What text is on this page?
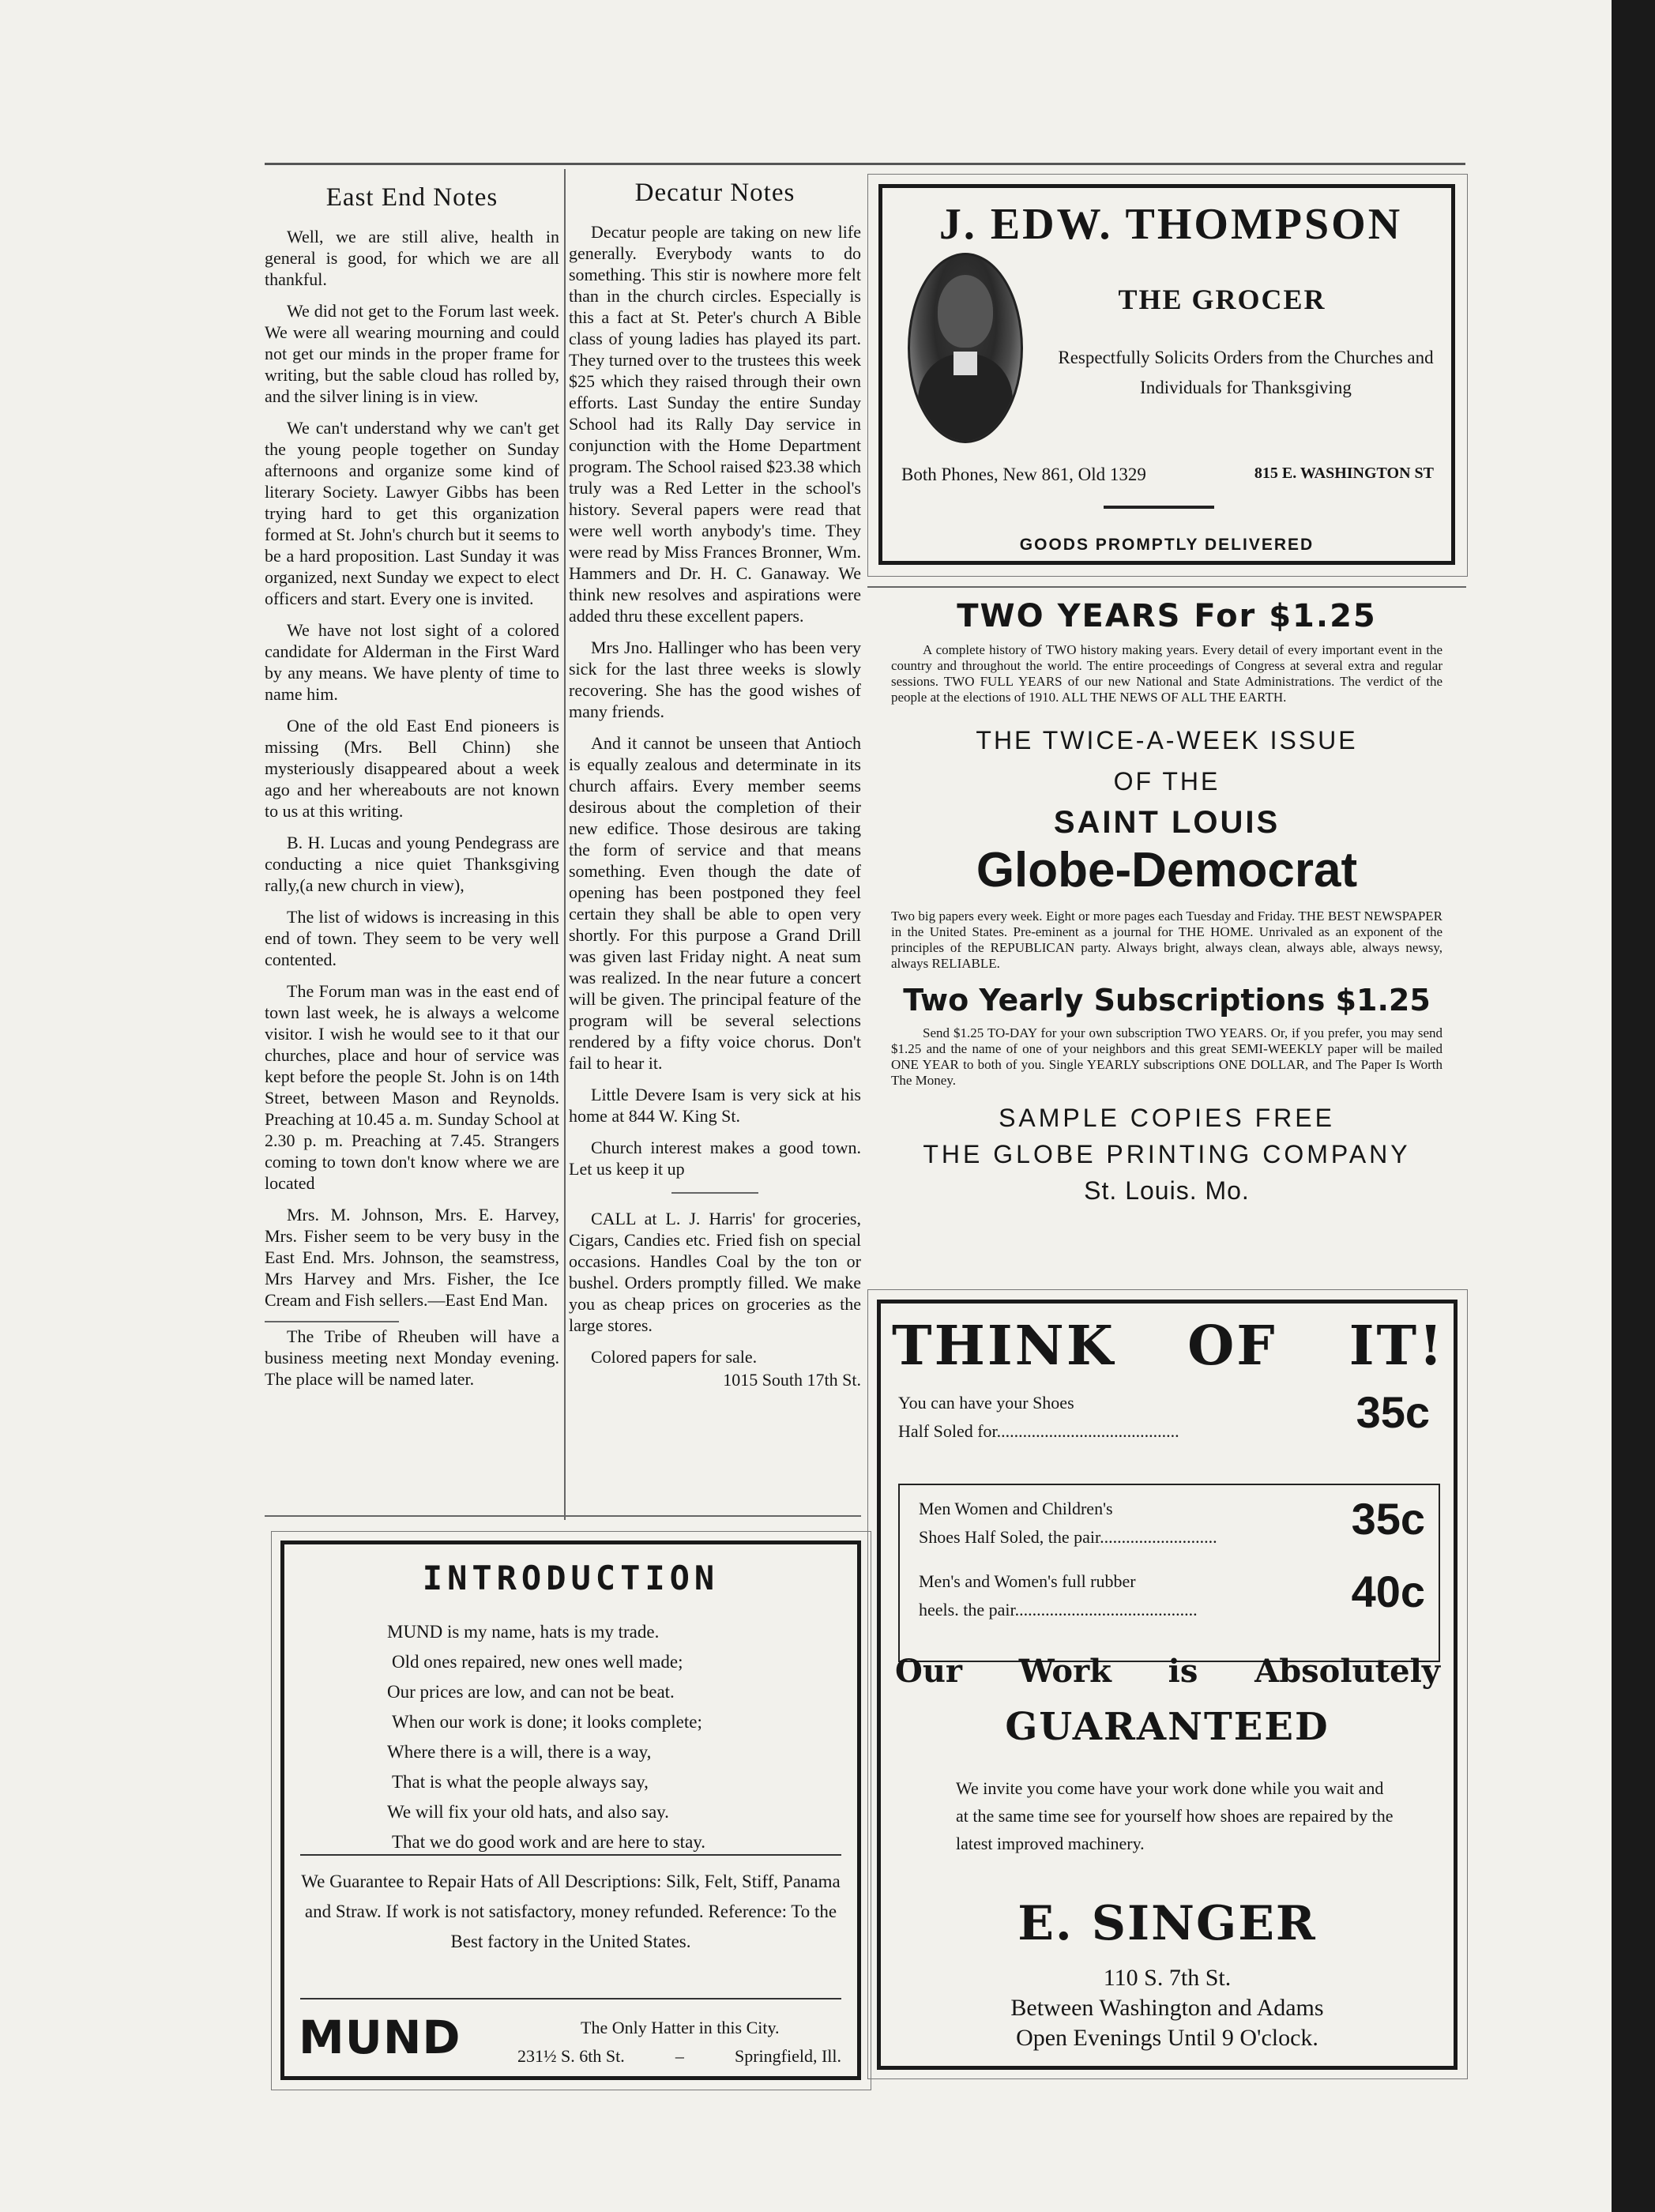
East End Notes

Well, we are still alive, health in general is good, for which we are all thankful.

We did not get to the Forum last week. We were all wearing mourning and could not get our minds in the proper frame for writing, but the sable cloud has rolled by, and the silver lining is in view.

We can't understand why we can't get the young people together on Sunday afternoons and organize some kind of literary Society. Lawyer Gibbs has been trying hard to get this organization formed at St. John's church but it seems to be a hard proposition. Last Sunday it was organized, next Sunday we expect to elect officers and start. Every one is invited.

We have not lost sight of a colored candidate for Alderman in the First Ward by any means. We have plenty of time to name him.

One of the old East End pioneers is missing (Mrs. Bell Chinn) she mysteriously disappeared about a week ago and her whereabouts are not known to us at this writing.

B. H. Lucas and young Pendegrass are conducting a nice quiet Thanksgiving rally,(a new church in view),

The list of widows is increasing in this end of town. They seem to be very well contented.

The Forum man was in the east end of town last week, he is always a welcome visitor. I wish he would see to it that our churches, place and hour of service was kept before the people St. John is on 14th Street, between Mason and Reynolds. Preaching at 10.45 a. m. Sunday School at 2.30 p. m. Preaching at 7.45. Strangers coming to town don't know where we are located

Mrs. M. Johnson, Mrs. E. Harvey, Mrs. Fisher seem to be very busy in the East End. Mrs. Johnson, the seamstress, Mrs Harvey and Mrs. Fisher, the Ice Cream and Fish sellers.—East End Man.

The Tribe of Rheuben will have a business meeting next Monday evening. The place will be named later.

Decatur Notes

Decatur people are taking on new life generally. Everybody wants to do something. This stir is nowhere more felt than in the church circles. Especially is this a fact at St. Peter's church A Bible class of young ladies has played its part. They turned over to the trustees this week $25 which they raised through their own efforts. Last Sunday the entire Sunday School had its Rally Day service in conjunction with the Home Department program. The School raised $23.38 which truly was a Red Letter in the school's history. Several papers were read that were well worth anybody's time. They were read by Miss Frances Bronner, Wm. Hammers and Dr. H. C. Ganaway. We think new resolves and aspirations were added thru these excellent papers.

Mrs Jno. Hallinger who has been very sick for the last three weeks is slowly recovering. She has the good wishes of many friends.

And it cannot be unseen that Antioch is equally zealous and determinate in its church affairs. Every member seems desirous about the completion of their new edifice. Those desirous are taking the form of service and that means something. Even though the date of opening has been postponed they feel certain they shall be able to open very shortly. For this purpose a Grand Drill was given last Friday night. A neat sum was realized. In the near future a concert will be given. The principal feature of the program will be several selections rendered by a fifty voice chorus. Don't fail to hear it.

Little Devere Isam is very sick at his home at 844 W. King St.

Church interest makes a good town. Let us keep it up

CALL at L. J. Harris' for groceries, Cigars, Candies etc. Fried fish on special occasions. Handles Coal by the ton or bushel. Orders promptly filled. We make you as cheap prices on groceries as the large stores.

Colored papers for sale.

1015 South 17th St.

J. EDW. THOMPSON
THE GROCER
Respectfully Solicits Orders from the Churches and Individuals for Thanksgiving
Both Phones, New 861, Old 1329	815 E. WASHINGTON ST
GOODS PROMPTLY DELIVERED
TWO YEARS For $1.25
A complete history of TWO history making years. Every detail of every important event in the country and throughout the world. The entire proceedings of Congress at several extra and regular sessions. TWO FULL YEARS of our new National and State Administrations. The verdict of the people at the elections of 1910. ALL THE NEWS OF ALL THE EARTH.
THE TWICE-A-WEEK ISSUE
OF THE
SAINT LOUIS
Globe-Democrat
Two big papers every week. Eight or more pages each Tuesday and Friday. THE BEST NEWSPAPER in the United States. Pre-eminent as a journal for THE HOME. Unrivaled as an exponent of the principles of the REPUBLICAN party. Always bright, always clean, always able, always newsy, always RELIABLE.
Two Yearly Subscriptions $1.25
Send $1.25 TO-DAY for your own subscription TWO YEARS. Or, if you prefer, you may send $1.25 and the name of one of your neighbors and this great SEMI-WEEKLY paper will be mailed ONE YEAR to both of you. Single YEARLY subscriptions ONE DOLLAR, and The Paper Is Worth The Money.
SAMPLE COPIES FREE
THE GLOBE PRINTING COMPANY
St. Louis. Mo.
THINK OF IT!
You can have your Shoes
Half Soled for..........................................	35c
Men Women and Children's
Shoes Half Soled, the pair...........................	35c
Men's and Women's full rubber
heels. the pair..........................................	40c
Our Work is Absolutely
GUARANTEED
We invite you come have your work done while you wait and at the same time see for yourself how shoes are repaired by the latest improved machinery.
E. SINGER
110 S. 7th St.
Between Washington and Adams
Open Evenings Until 9 O'clock.
INTRODUCTION
MUND is my name, hats is my trade.
Old ones repaired, new ones well made;
Our prices are low, and can not be beat.
When our work is done; it looks complete;
Where there is a will, there is a way,
That is what the people always say,
We will fix your old hats, and also say.
That we do good work and are here to stay.
We Guarantee to Repair Hats of All Descriptions: Silk, Felt, Stiff, Panama and Straw. If work is not satisfactory, money refunded. Reference: To the Best factory in the United States.
MUND	The Only Hatter in this City.
231½ S. 6th St.	–	Springfield, Ill.
